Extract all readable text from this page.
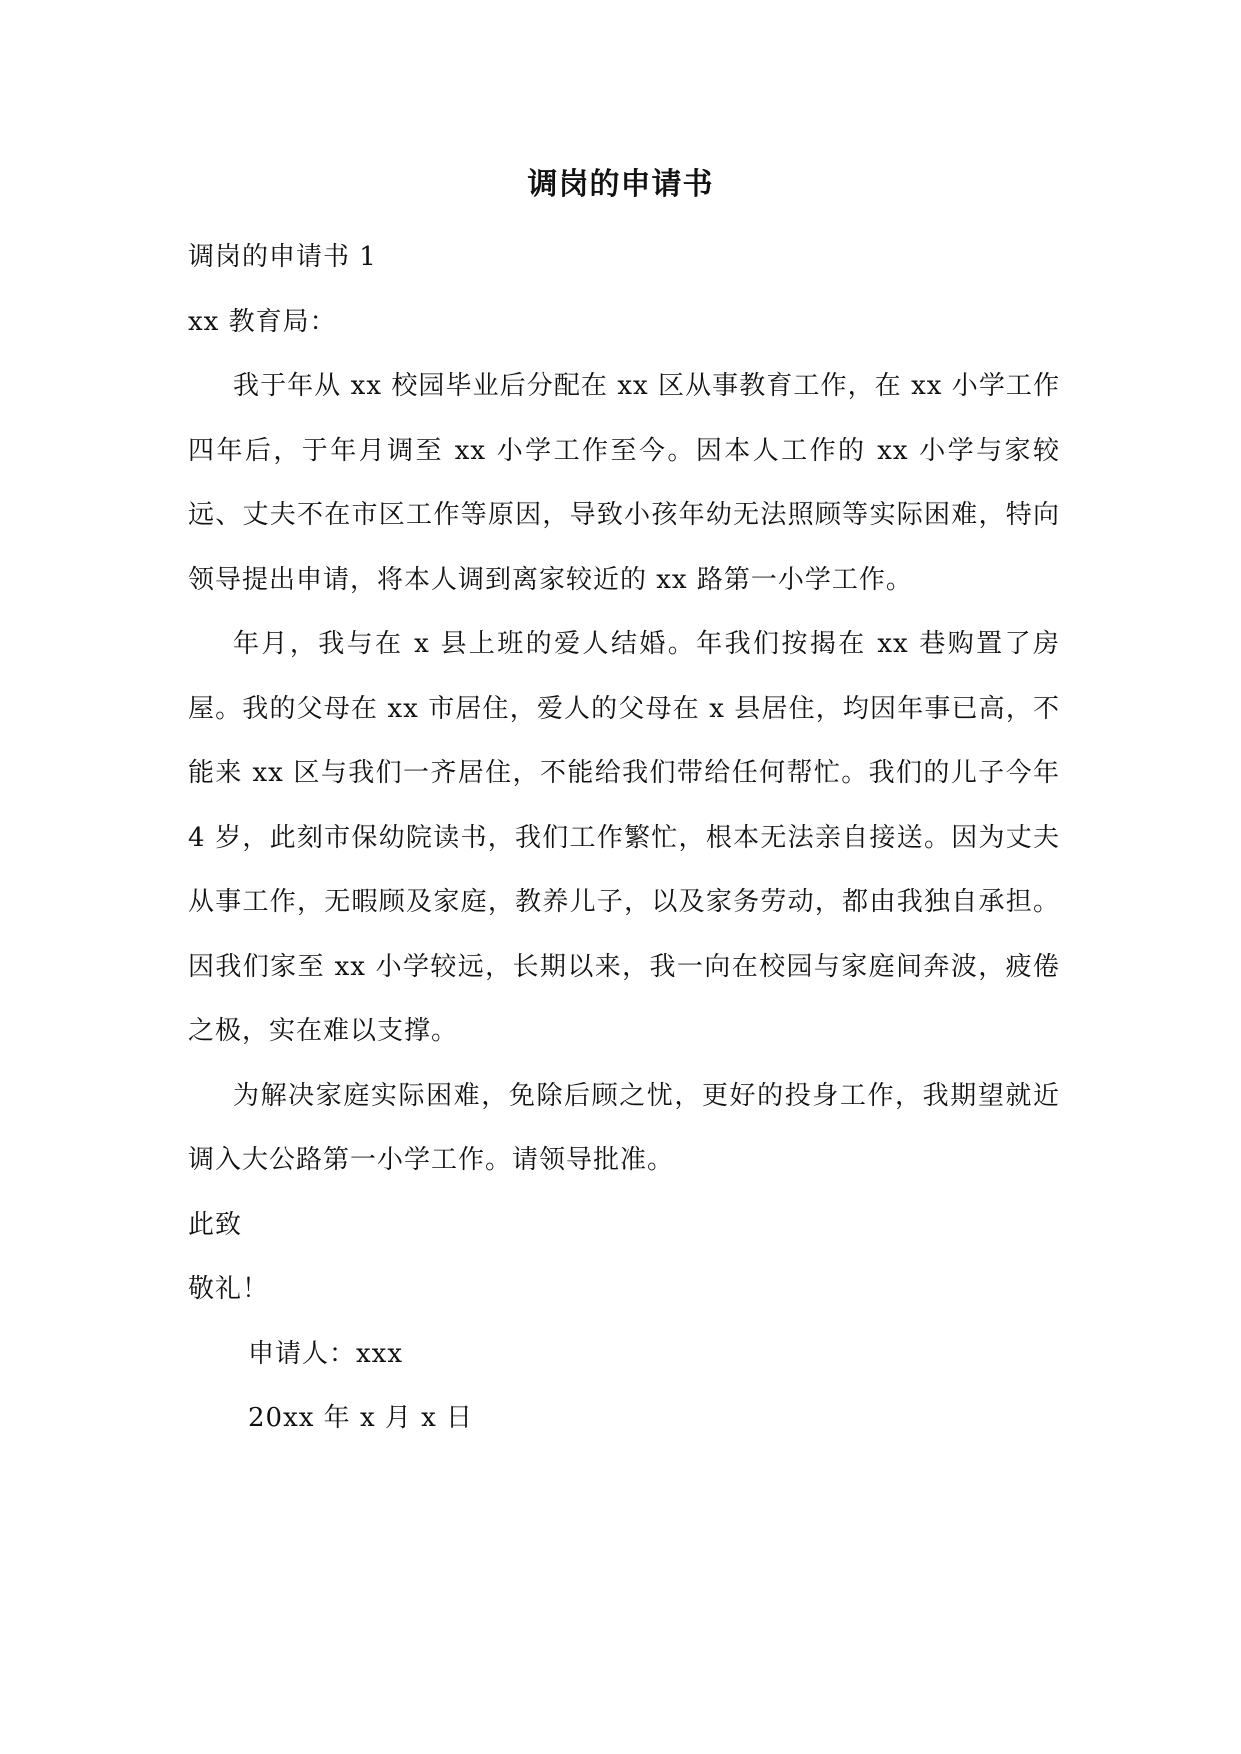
调岗的申请书

调岗的申请书 1

xx 教育局：

我于年从 xx 校园毕业后分配在 xx 区从事教育工作，在 xx 小学工作四年后，于年月调至 xx 小学工作至今。因本人工作的 xx 小学与家较远、丈夫不在市区工作等原因，导致小孩年幼无法照顾等实际困难，特向领导提出申请，将本人调到离家较近的 xx 路第一小学工作。

年月，我与在 x 县上班的爱人结婚。年我们按揭在 xx 巷购置了房屋。我的父母在 xx 市居住，爱人的父母在 x 县居住，均因年事已高，不能来 xx 区与我们一齐居住，不能给我们带给任何帮忙。我们的儿子今年 4 岁，此刻市保幼院读书，我们工作繁忙，根本无法亲自接送。因为丈夫从事工作，无暇顾及家庭，教养儿子，以及家务劳动，都由我独自承担。因我们家至 xx 小学较远，长期以来，我一向在校园与家庭间奔波，疲倦之极，实在难以支撑。

为解决家庭实际困难，免除后顾之忧，更好的投身工作，我期望就近调入大公路第一小学工作。请领导批准。

此致

敬礼！

申请人：xxx

20xx 年 x 月 x 日
